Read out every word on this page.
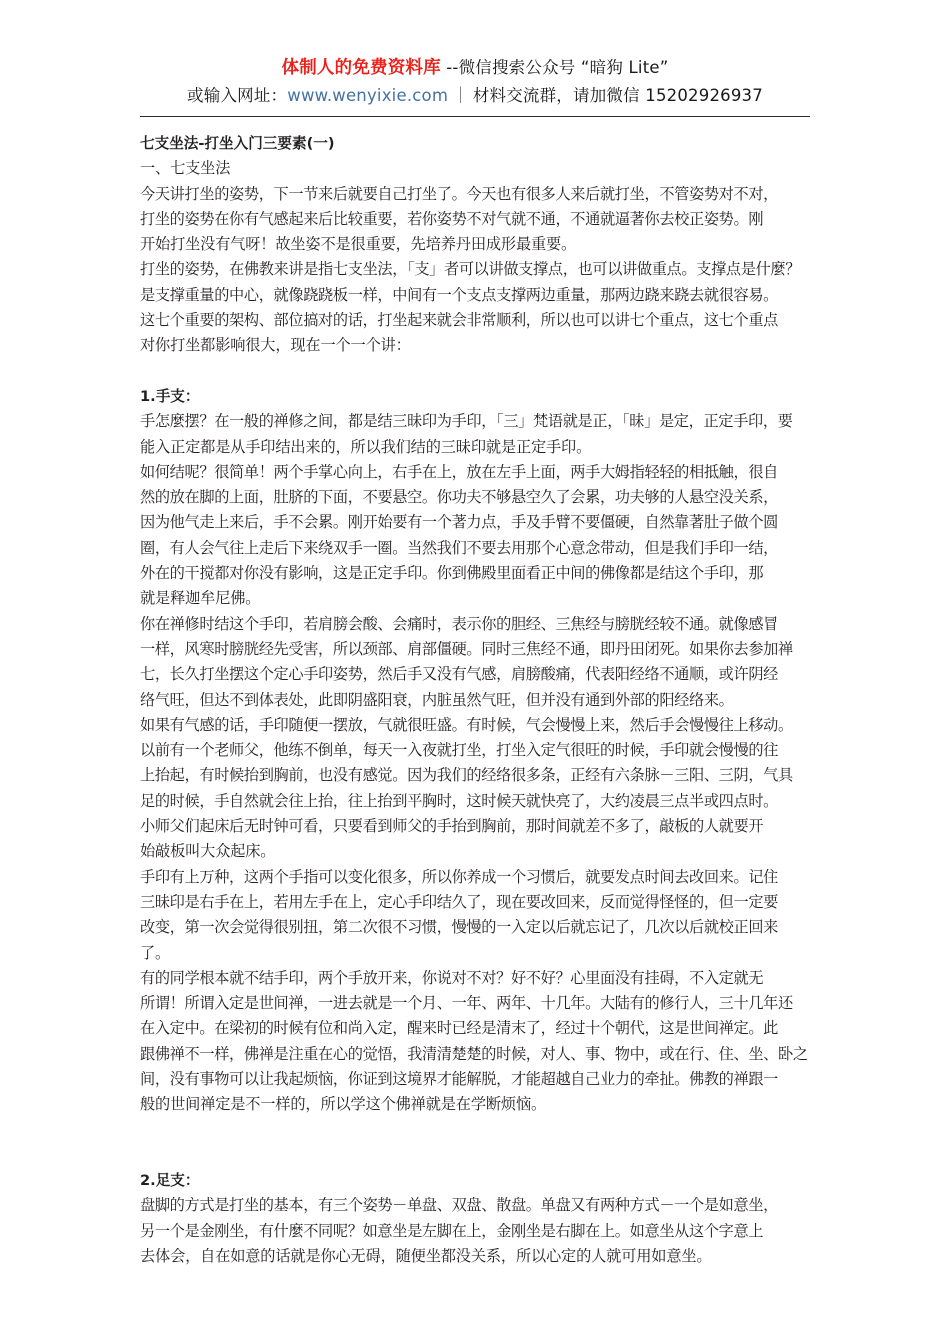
体制人的免费资料库 --微信搜索公众号 “暗狗 Lite”
或输入网址：www.wenyixie.com ｜ 材料交流群，请加微信 15202926937
七支坐法-打坐入门三要素(一)
一、七支坐法
今天讲打坐的姿势，下一节来后就要自己打坐了。今天也有很多人来后就打坐，不管姿势对不对，
打坐的姿势在你有气感起来后比较重要，若你姿势不对气就不通，不通就逼著你去校正姿势。刚
开始打坐没有气呀！故坐姿不是很重要，先培养丹田成形最重要。
打坐的姿势，在佛教来讲是指七支坐法，「支」者可以讲做支撑点，也可以讲做重点。支撑点是什麼？
是支撑重量的中心，就像跷跷板一样，中间有一个支点支撑两边重量，那两边跷来跷去就很容易。
这七个重要的架构、部位搞对的话，打坐起来就会非常顺利，所以也可以讲七个重点，这七个重点
对你打坐都影响很大，现在一个一个讲：
1.手支：
手怎麼摆？在一般的禅修之间，都是结三昧印为手印，「三」梵语就是正，「昧」是定，正定手印，要
能入正定都是从手印结出来的，所以我们结的三昧印就是正定手印。
如何结呢？很简单！两个手掌心向上，右手在上，放在左手上面，两手大姆指轻轻的相抵触，很自
然的放在脚的上面，肚脐的下面，不要悬空。你功夫不够悬空久了会累，功夫够的人悬空没关系，
因为他气走上来后，手不会累。刚开始要有一个著力点，手及手臂不要僵硬，自然靠著肚子做个圆
圈，有人会气往上走后下来绕双手一圈。当然我们不要去用那个心意念带动，但是我们手印一结，
外在的干搅都对你没有影响，这是正定手印。你到佛殿里面看正中间的佛像都是结这个手印，那
就是释迦牟尼佛。
你在禅修时结这个手印，若肩膀会酸、会痛时，表示你的胆经、三焦经与膀胱经较不通。就像感冒
一样，风寒时膀胱经先受害，所以颈部、肩部僵硬。同时三焦经不通，即丹田闭死。如果你去参加禅
七，长久打坐摆这个定心手印姿势，然后手又没有气感，肩膀酸痛，代表阳经络不通顺，或许阴经
络气旺，但达不到体表处，此即阴盛阳衰，内脏虽然气旺，但并没有通到外部的阳经络来。
如果有气感的话，手印随便一摆放，气就很旺盛。有时候，气会慢慢上来，然后手会慢慢往上移动。
以前有一个老师父，他练不倒单，每天一入夜就打坐，打坐入定气很旺的时候，手印就会慢慢的往
上抬起，有时候抬到胸前，也没有感觉。因为我们的经络很多条，正经有六条脉－三阳、三阴，气具
足的时候，手自然就会往上抬，往上抬到平胸时，这时候天就快亮了，大约凌晨三点半或四点时。
小师父们起床后无时钟可看，只要看到师父的手抬到胸前，那时间就差不多了，敲板的人就要开
始敲板叫大众起床。
手印有上万种，这两个手指可以变化很多，所以你养成一个习惯后，就要发点时间去改回来。记住
三昧印是右手在上，若用左手在上，定心手印结久了，现在要改回来，反而觉得怪怪的，但一定要
改变，第一次会觉得很别扭，第二次很不习惯，慢慢的一入定以后就忘记了，几次以后就校正回来
了。
有的同学根本就不结手印，两个手放开来，你说对不对？好不好？心里面没有挂碍，不入定就无
所谓！所谓入定是世间禅，一进去就是一个月、一年、两年、十几年。大陆有的修行人，三十几年还
在入定中。在梁初的时候有位和尚入定，醒来时已经是清末了，经过十个朝代，这是世间禅定。此
跟佛禅不一样，佛禅是注重在心的觉悟，我清清楚楚的时候，对人、事、物中，或在行、住、坐、卧之
间，没有事物可以让我起烦恼，你证到这境界才能解脱，才能超越自己业力的牵扯。佛教的禅跟一
般的世间禅定是不一样的，所以学这个佛禅就是在学断烦恼。
2.足支：
盘脚的方式是打坐的基本，有三个姿势－单盘、双盘、散盘。单盘又有两种方式－一个是如意坐，
另一个是金刚坐，有什麼不同呢？如意坐是左脚在上，金刚坐是右脚在上。如意坐从这个字意上
去体会，自在如意的话就是你心无碍，随便坐都没关系，所以心定的人就可用如意坐。
